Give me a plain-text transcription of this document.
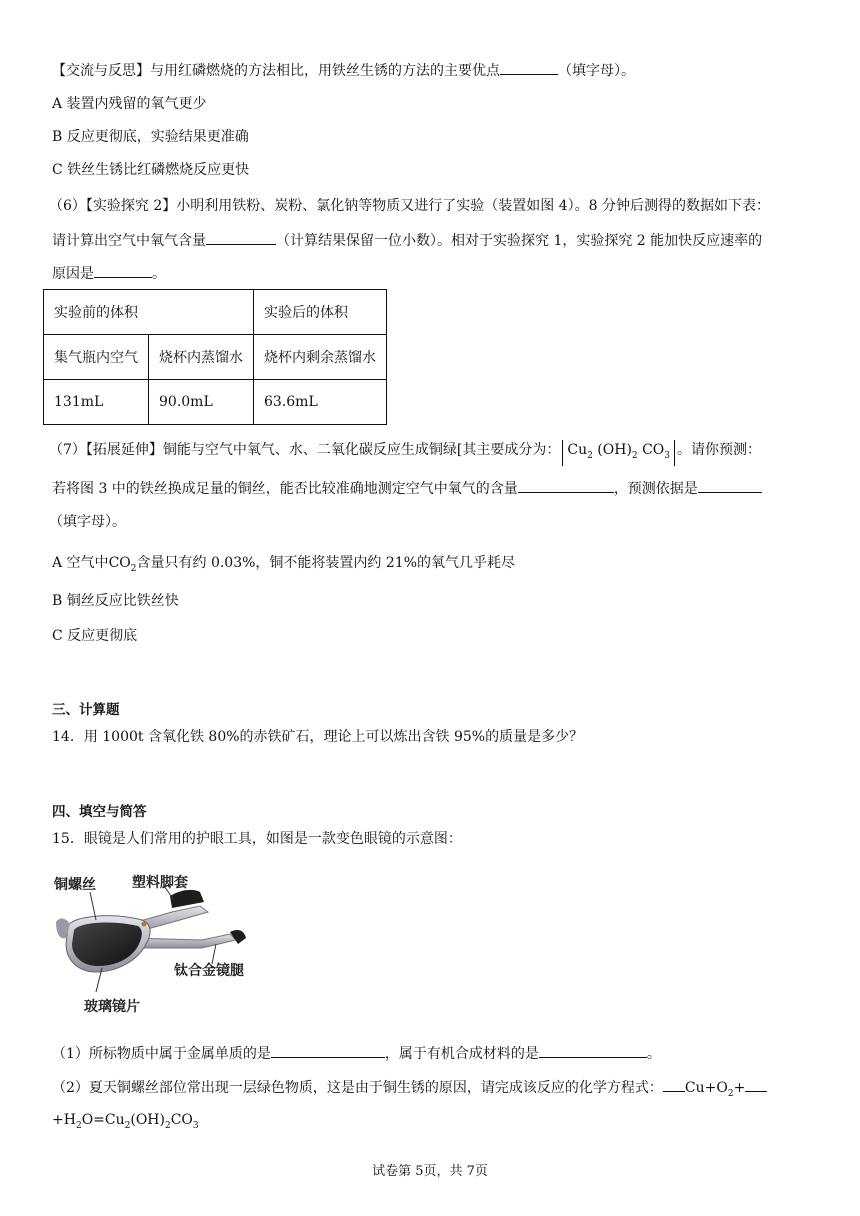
【交流与反思】与用红磷燃烧的方法相比，用铁丝生锈的方法的主要优点	（填字母）。
A 装置内残留的氧气更少
B 反应更彻底，实验结果更准确
C 铁丝生锈比红磷燃烧反应更快
（6）【实验探究 2】小明利用铁粉、炭粉、氯化钠等物质又进行了实验（装置如图 4）。8 分钟后测得的数据如下表：
请计算出空气中氧气含量	（计算结果保留一位小数）。相对于实验探究 1，实验探究 2 能加快反应速率的
原因是	。
实验前的体积		实验后的体积
集气瓶内空气	烧杯内蒸馏水	烧杯内剩余蒸馏水
131mL	90.0mL	63.6mL
（7）【拓展延伸】铜能与空气中氧气、水、二氧化碳反应生成铜绿[其主要成分为： $Cu_2$ $(OH)_2$ $CO_3$ 。请你预测：
若将图 3 中的铁丝换成足量的铜丝，能否比较准确地测定空气中氧气的含量	，预测依据是
（填字母）。
A 空气中$CO_2$含量只有约 0.03%，铜不能将装置内约 21%的氧气几乎耗尽
B 铜丝反应比铁丝快
C 反应更彻底
三、计算题
14．用 1000t 含氧化铁 80%的赤铁矿石，理论上可以炼出含铁 95%的质量是多少？
四、填空与简答
15．眼镜是人们常用的护眼工具，如图是一款变色眼镜的示意图：
铜螺丝	塑料脚套
钛合金镜腿
玻璃镜片
（1）所标物质中属于金属单质的是	，属于有机合成材料的是	。
（2）夏天铜螺丝部位常出现一层绿色物质，这是由于铜生锈的原因，请完成该反应的化学方程式： $Cu+O_2+$
$+H_2O=Cu_2(OH)_2CO_3$
试卷第 5页，共 7页
